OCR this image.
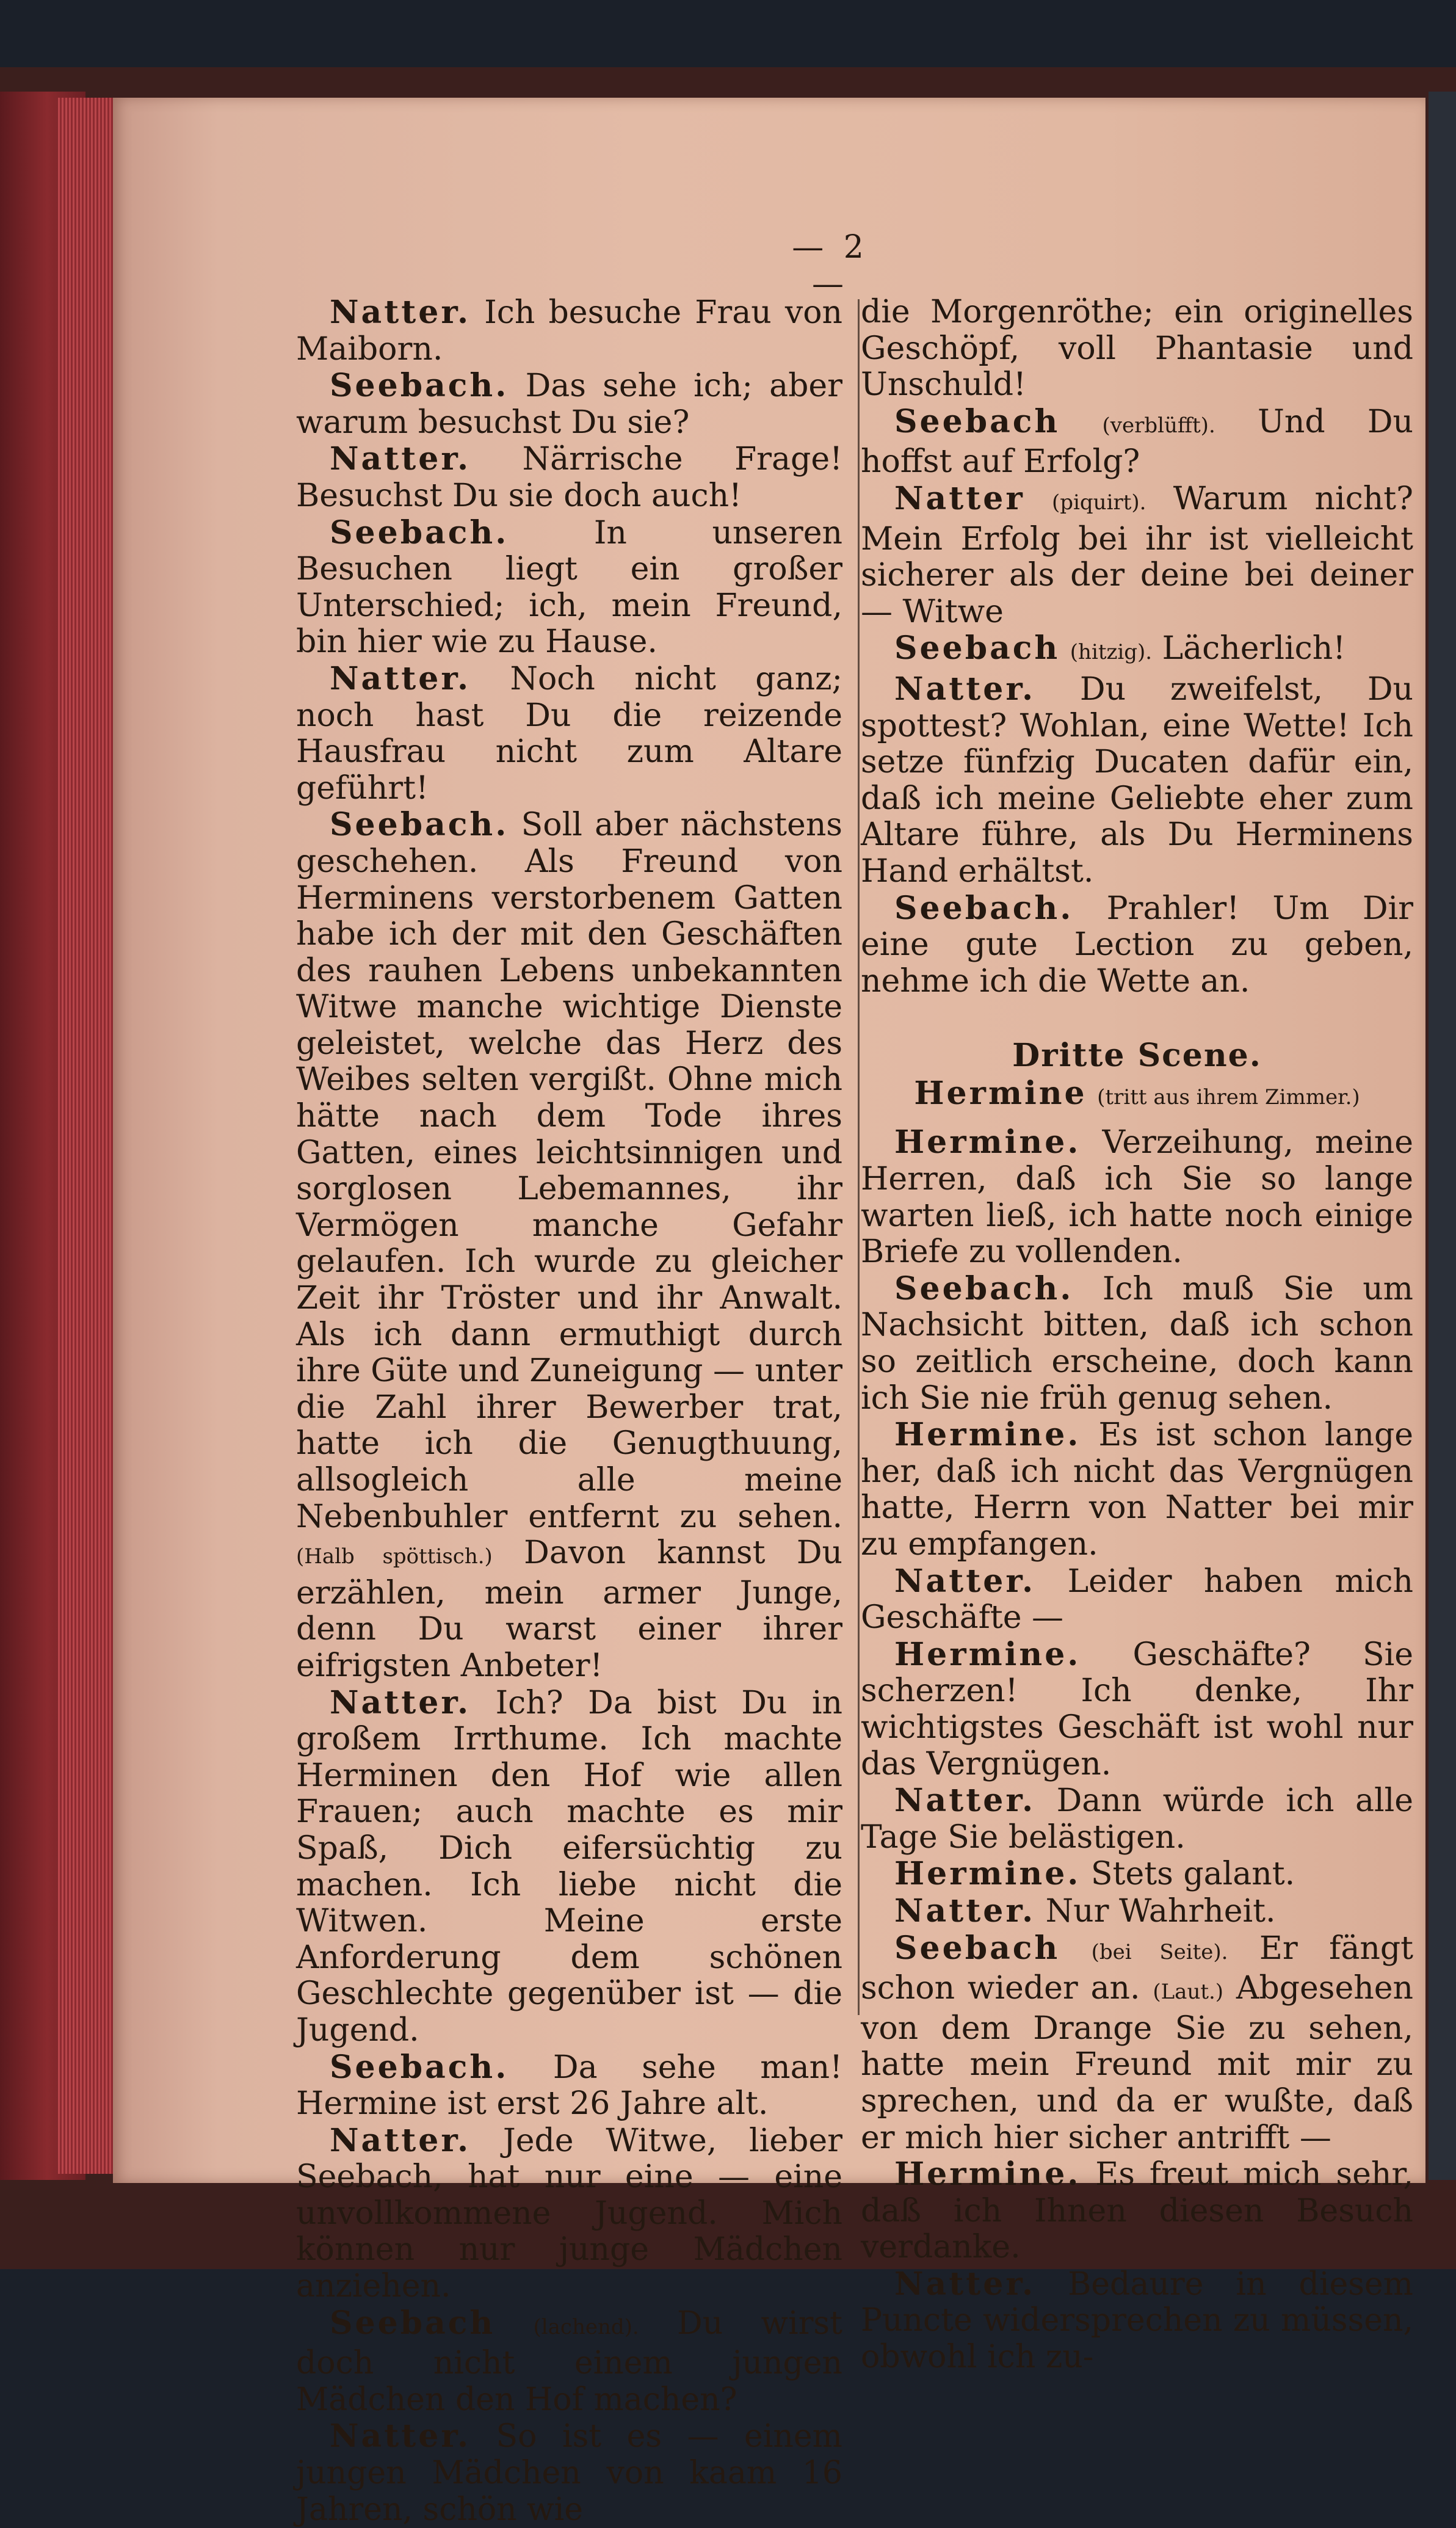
— 2 —

Natter. Ich besuche Frau von Maiborn.

Seebach. Das sehe ich; aber warum besuchst Du sie?

Natter. Närrische Frage! Besuchst Du sie doch auch!

Seebach.	In unseren Besuchen liegt ein großer Unterschied; ich, mein Freund, bin hier wie zu Hause.

Natter. Noch nicht ganz; noch hast Du die reizende Hausfrau nicht zum Altare geführt!

Seebach. Soll aber nächstens geschehen. Als Freund von Herminens verstorbenem Gatten habe ich der mit den Geschäften des rauhen Lebens unbekannten Witwe manche wichtige Dienste geleistet, welche das Herz des Weibes selten vergißt. Ohne mich hätte nach dem Tode ihres Gatten, eines leichtsinnigen und sorglosen Lebemannes, ihr Vermögen manche Gefahr gelaufen. Ich wurde zu gleicher Zeit ihr Tröster und ihr Anwalt. Als ich dann ermuthigt durch ihre Güte und Zuneigung — unter die Zahl ihrer Bewerber trat, hatte ich die Genugthuung, allsogleich alle meine Nebenbuhler entfernt zu sehen. (Halb spöttisch.) Davon kannst Du erzählen, mein armer Junge, denn Du warst einer ihrer eifrigsten Anbeter!

Natter. Ich? Da bist Du in großem Irrthume. Ich machte Herminen den Hof wie allen Frauen; auch machte es mir Spaß, Dich eifersüchtig zu machen. Ich liebe nicht die Witwen. Meine erste Anforderung dem schönen Geschlechte gegenüber ist — die Jugend.

Seebach. Da sehe man! Hermine ist erst 26 Jahre alt.

Natter. Jede Witwe, lieber Seebach, hat nur eine — eine unvollkommene Jugend. Mich können nur junge Mädchen anziehen.

Seebach (lachend). Du wirst doch nicht einem jungen Mädchen den Hof machen?

Natter. So ist es — einem jungen Mädchen von kaam 16 Jahren, schön wie

die Morgenröthe; ein originelles Geschöpf, voll Phantasie und Unschuld!

Seebach (verblüfft). Und Du hoffst auf Erfolg?

Natter (piquirt). Warum nicht? Mein Erfolg bei ihr ist vielleicht sicherer als der deine bei deiner — Witwe

Seebach (hitzig). Lächerlich!

Natter. Du zweifelst, Du spottest? Wohlan, eine Wette! Ich setze fünfzig Ducaten dafür ein, daß ich meine Geliebte eher zum Altare führe, als Du Herminens Hand erhältst.

Seebach. Prahler! Um Dir eine gute Lection zu geben, nehme ich die Wette an.

Dritte Scene.

Hermine (tritt aus ihrem Zimmer.)

Hermine. Verzeihung, meine Herren, daß ich Sie so lange warten ließ, ich hatte noch einige Briefe zu vollenden.

Seebach. Ich muß Sie um Nachsicht bitten, daß ich schon so zeitlich erscheine, doch kann ich Sie nie früh genug sehen.

Hermine. Es ist schon lange her, daß ich nicht das Vergnügen hatte, Herrn von Natter bei mir zu empfangen.

Natter. Leider haben mich Geschäfte —

Hermine. Geschäfte? Sie scherzen! Ich denke, Ihr wichtigstes Geschäft ist wohl nur das Vergnügen.

Natter. Dann würde ich alle Tage Sie belästigen.

Hermine. Stets galant.

Natter. Nur Wahrheit.

Seebach (bei Seite). Er fängt schon wieder an. (Laut.) Abgesehen von dem Drange Sie zu sehen, hatte mein Freund mit mir zu sprechen, und da er wußte, daß er mich hier sicher antrifft —

Hermine. Es freut mich sehr, daß ich Ihnen diesen Besuch verdanke.

Natter. Bedaure in diesem Puncte widersprechen zu müssen, obwohl ich zu-
